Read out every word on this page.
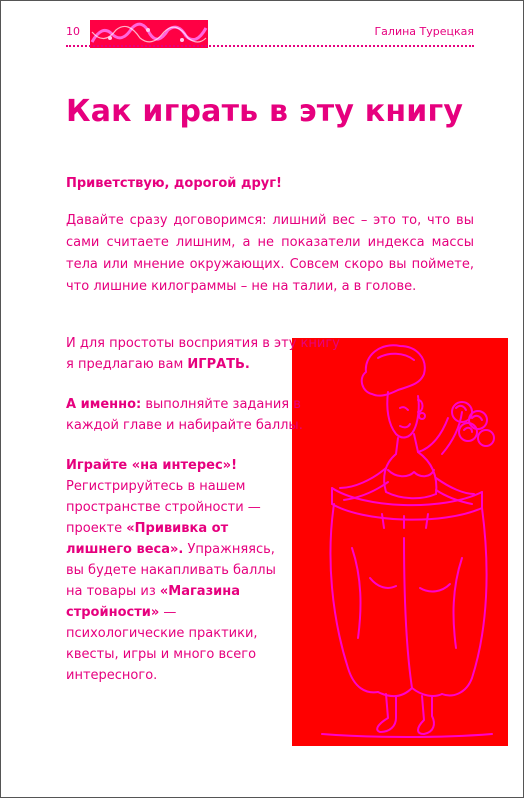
10	Галина Турецкая
Как играть в эту книгу

Приветствую, дорогой друг!

Давайте сразу договоримся: лишний вес – это то, что вы сами считаете лишним, а не показатели индекса массы тела или мнение окружающих. Совсем скоро вы поймете, что лишние килограммы – не на талии, а в голове.

И для простоты восприятия в эту книгу я предлагаю вам ИГРАТЬ.

А именно: выполняйте задания в каждой главе и набирайте баллы.

Играйте «на интерес»! Регистрируйтесь в нашем пространстве стройности — проекте «Прививка от лишнего веса». Упражняясь, вы будете накапливать баллы на товары из «Магазина стройности» — психологические практики, квесты, игры и много всего интересного.
